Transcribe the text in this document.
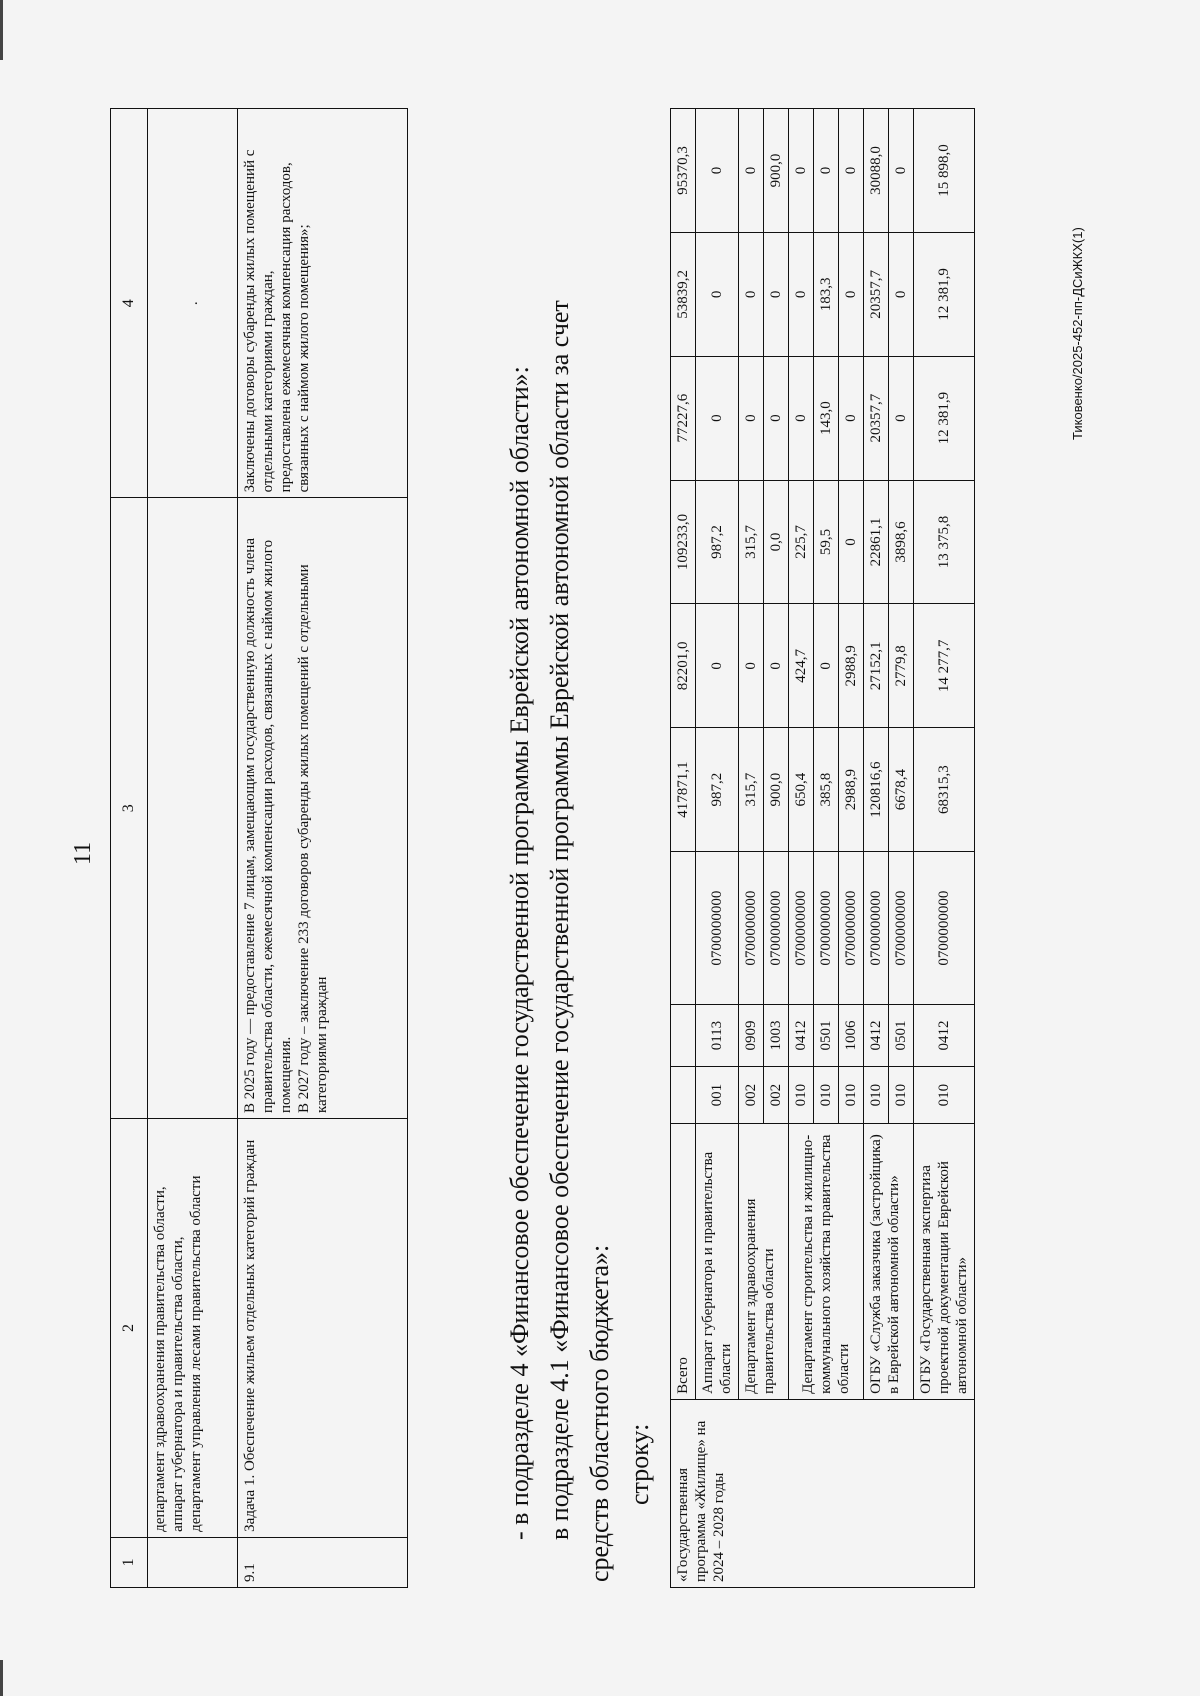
11
1	2	3	4
	департамент здравоохранения правительства области,
аппарат губернатора и правительства области,
департамент управления лесами правительства области		.
9.1	Задача 1. Обеспечение жильем отдельных категорий граждан	В 2025 году — предоставление 7 лицам, замещающим государственную должность члена правительства области, ежемесячной компенсации расходов, связанных с наймом жилого помещения.
В 2027 году – заключение 233 договоров субаренды жилых помещений с отдельными категориями граждан	Заключены договоры субаренды жилых помещений с отдельными категориями граждан,
предоставлена ежемесячная компенсация расходов, связанных с наймом жилого помещения»;
- в подразделе 4 «Финансовое обеспечение государственной программы Еврейской автономной области»: в подразделе 4.1 «Финансовое обеспечение государственной программы Еврейской автономной области за счет средств областного бюджета»: строку:
«Государственная программа «Жилище» на 2024 – 2028 годы	Всего				417871,1	82201,0	109233,0	77227,6	53839,2	95370,3
	Аппарат губернатора и правительства области	001	0113	0700000000	987,2	0	987,2	0	0	0
	Департамент здравоохранения правительства области	002	0909	0700000000	315,7	0	315,7	0	0	0
		002	1003	0700000000	900,0	0	0,0	0	0	900,0
	Департамент строительства и жилищно-коммунального хозяйства правительства области	010	0412	0700000000	650,4	424,7	225,7	0	0	0
		010	0501	0700000000	385,8	0	59,5	143,0	183,3	0
		010	1006	0700000000	2988,9	2988,9	0	0	0	0
	ОГБУ «Служба заказчика (застройщика) в Еврейской автономной области»	010	0412	0700000000	120816,6	27152,1	22861,1	20357,7	20357,7	30088,0
		010	0501	0700000000	6678,4	2779,8	3898,6	0	0	0
	ОГБУ «Государственная экспертиза проектной документации Еврейской автономной области»	010	0412	0700000000	68315,3	14 277,7	13 375,8	12 381,9	12 381,9	15 898,0
Тиковенко/2025-452-пп-ДСиЖКХ(1)
